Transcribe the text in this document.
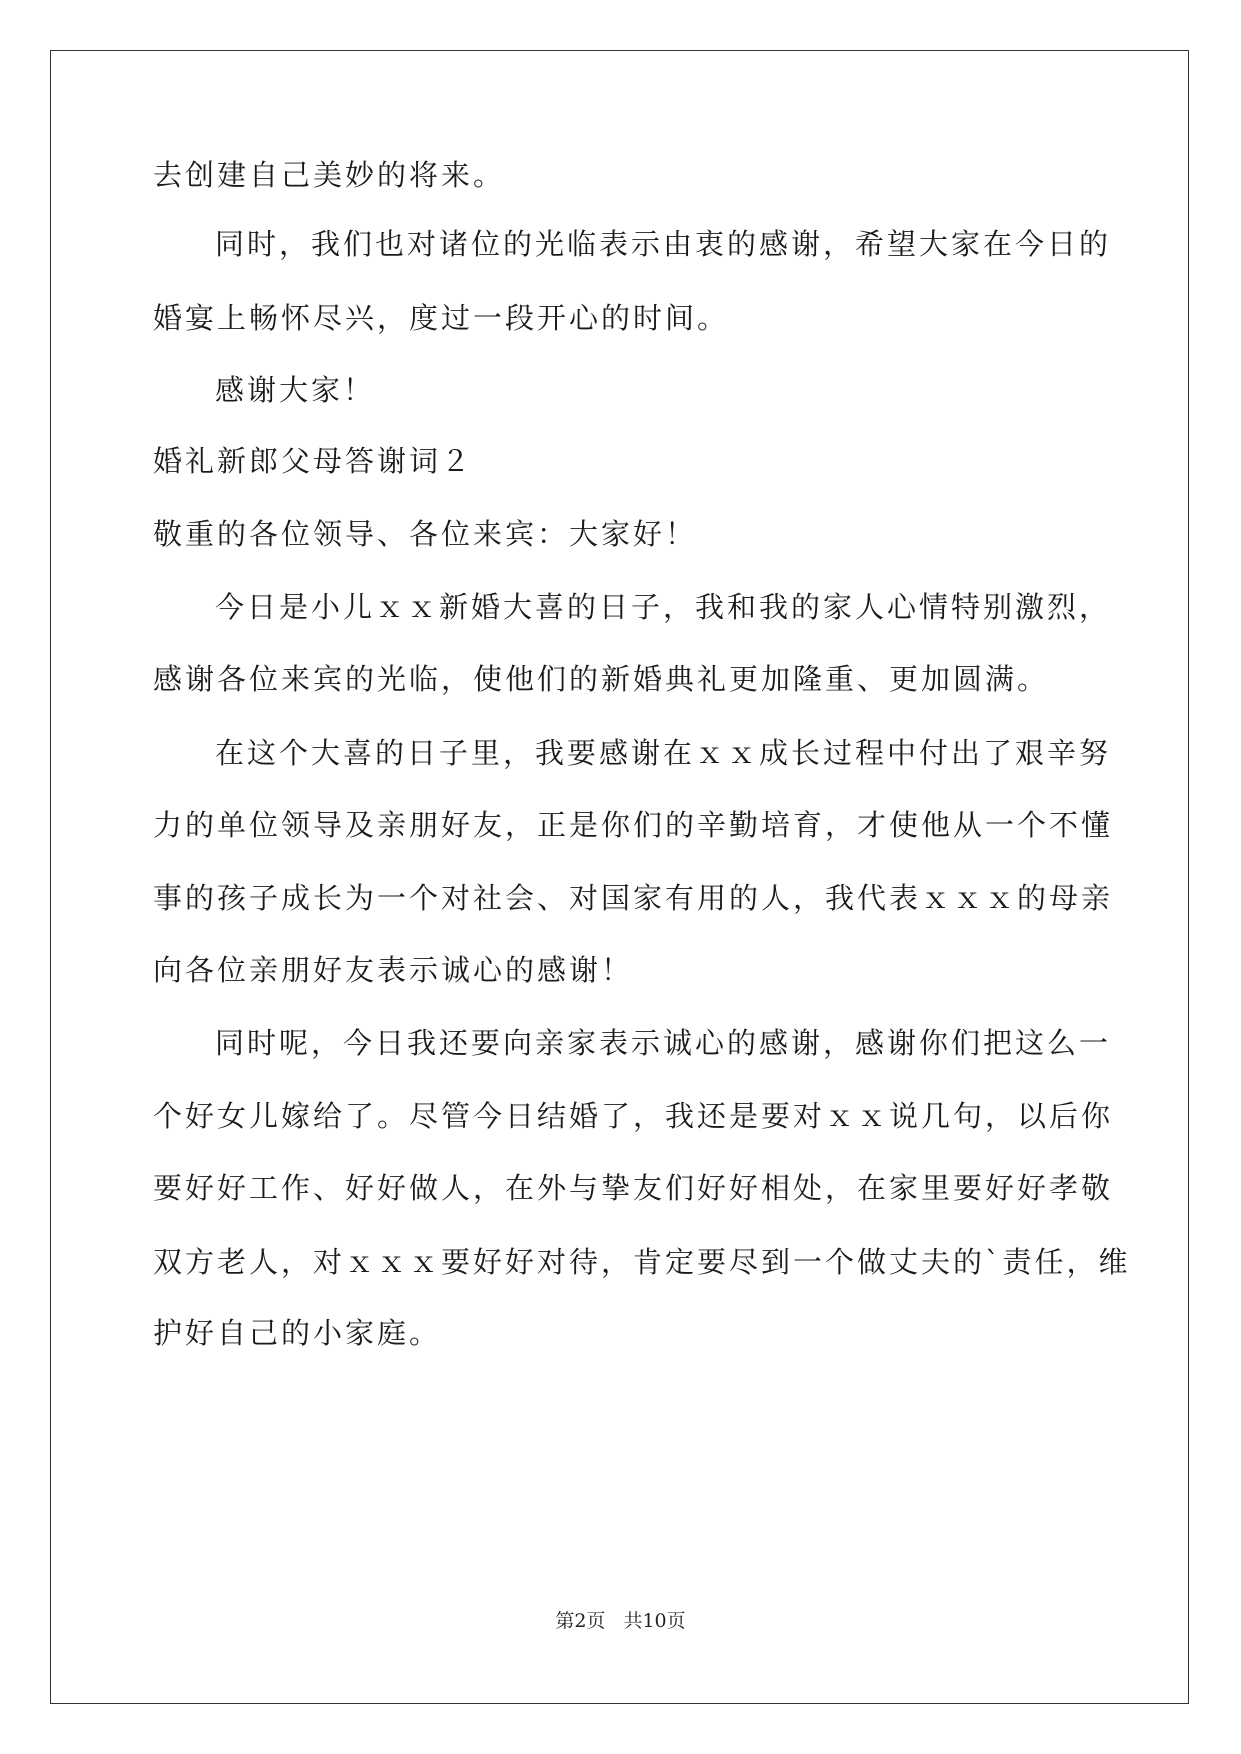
去创建自己美妙的将来。
同时，我们也对诸位的光临表示由衷的感谢，希望大家在今日的
婚宴上畅怀尽兴，度过一段开心的时间。
感谢大家！
婚礼新郎父母答谢词２
敬重的各位领导、各位来宾：大家好！
今日是小儿ｘｘ新婚大喜的日子，我和我的家人心情特别激烈，
感谢各位来宾的光临，使他们的新婚典礼更加隆重、更加圆满。
在这个大喜的日子里，我要感谢在ｘｘ成长过程中付出了艰辛努
力的单位领导及亲朋好友，正是你们的辛勤培育，才使他从一个不懂
事的孩子成长为一个对社会、对国家有用的人，我代表ｘｘｘ的母亲
向各位亲朋好友表示诚心的感谢！
同时呢，今日我还要向亲家表示诚心的感谢，感谢你们把这么一
个好女儿嫁给了。尽管今日结婚了，我还是要对ｘｘ说几句，以后你
要好好工作、好好做人，在外与挚友们好好相处，在家里要好好孝敬
双方老人，对ｘｘｘ要好好对待，肯定要尽到一个做丈夫的`责任，维
护好自己的小家庭。
第2页 共10页
